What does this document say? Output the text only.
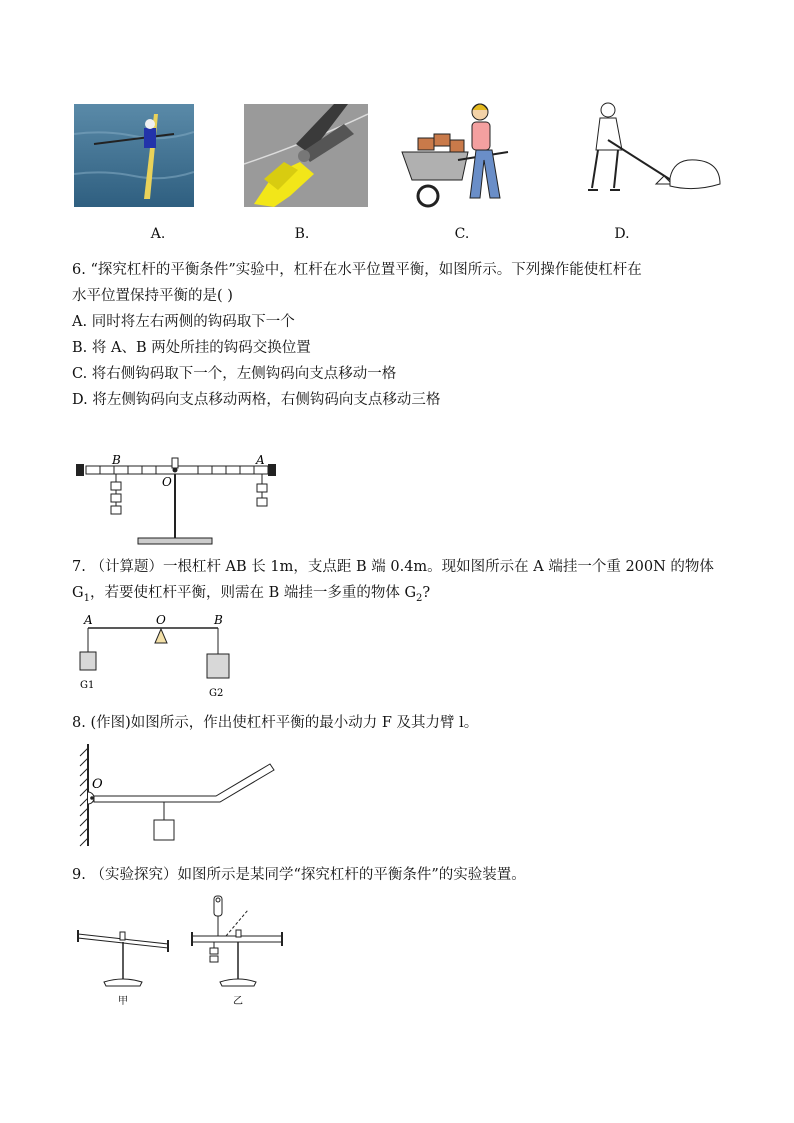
A.	B.	C.	D.
6. “探究杠杆的平衡条件”实验中，杠杆在水平位置平衡，如图所示。下列操作能使杠杆在
水平位置保持平衡的是( )
A. 同时将左右两侧的钩码取下一个
B. 将 A、B 两处所挂的钩码交换位置
C. 将右侧钩码取下一个，左侧钩码向支点移动一格
D. 将左侧钩码向支点移动两格，右侧钩码向支点移动三格
B	A
O
7. （计算题）一根杠杆 AB 长 1m，支点距 B 端 0.4m。现如图所示在 A 端挂一个重 200N 的物体
$G_1$，若要使杠杆平衡，则需在 B 端挂一多重的物体 $G_2$?
A	O	B
G1
G2
8. (作图)如图所示，作出使杠杆平衡的最小动力 F 及其力臂 l。
O
9. （实验探究）如图所示是某同学“探究杠杆的平衡条件”的实验装置。
甲	乙
